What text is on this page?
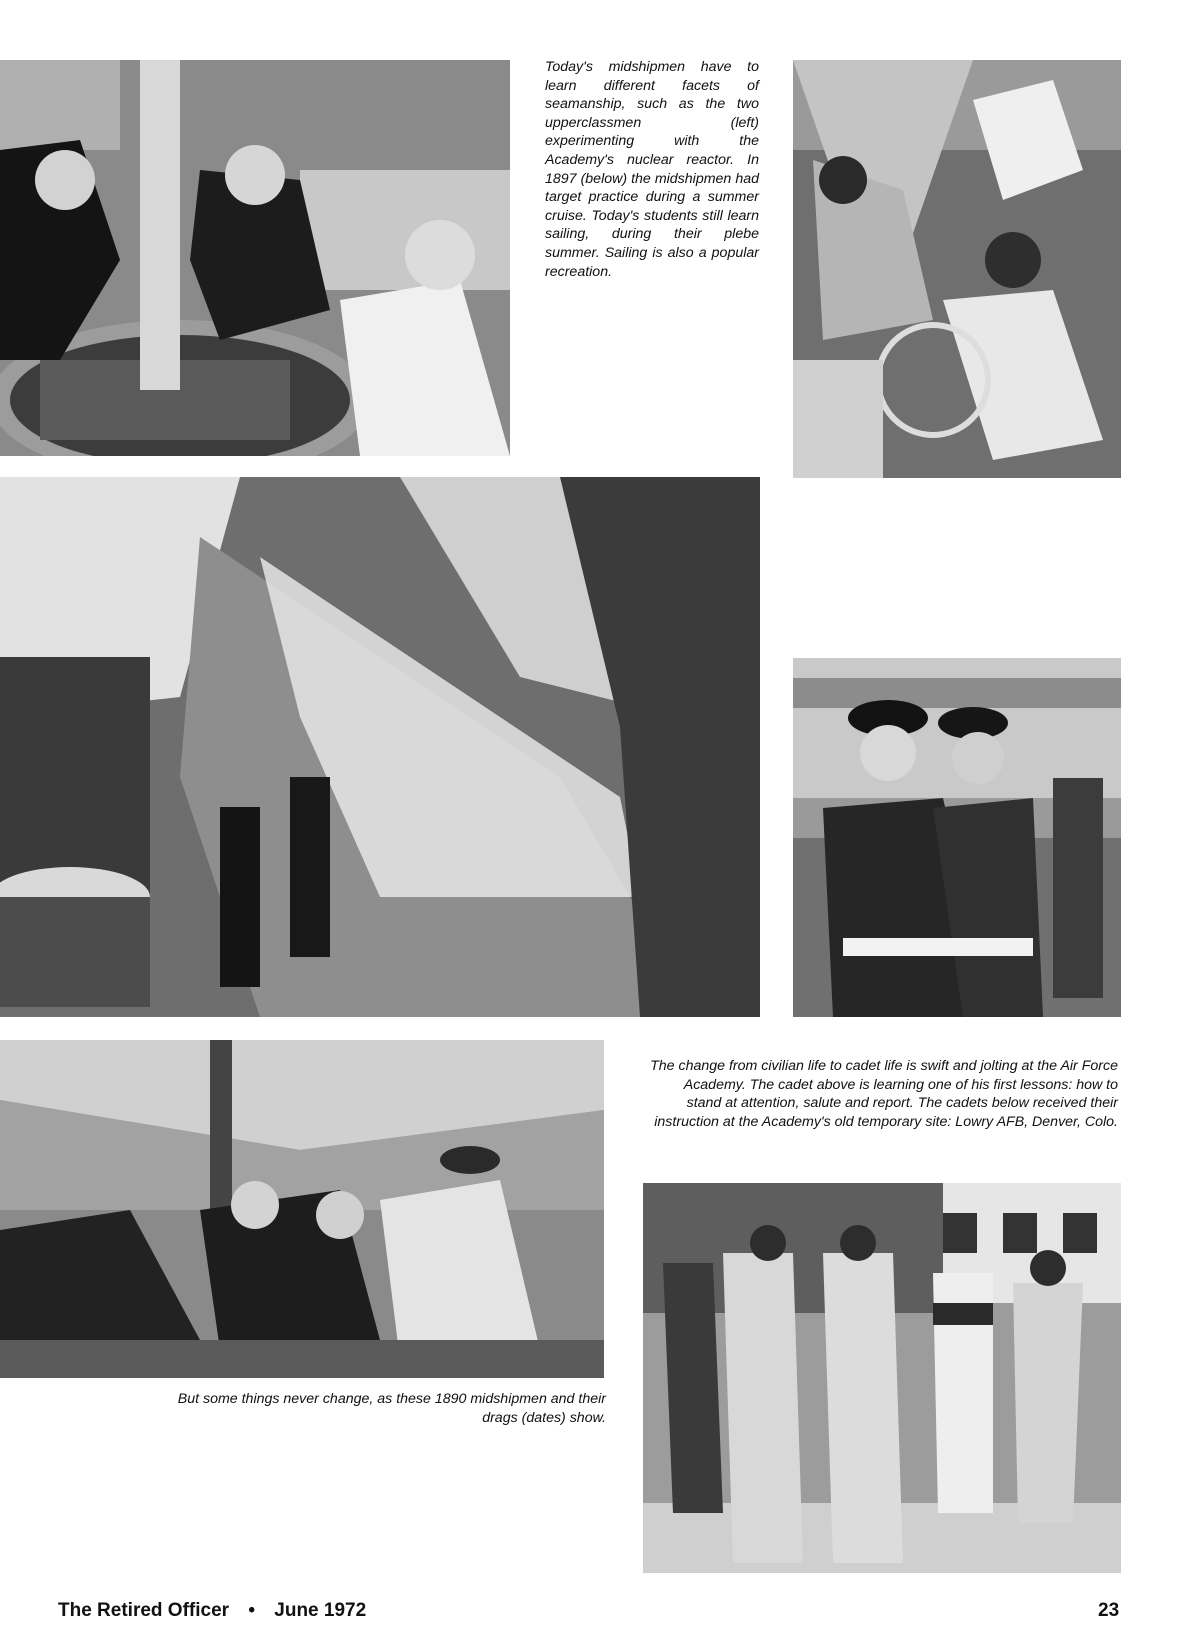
Today's midshipmen have to learn different facets of seamanship, such as the two upperclassmen (left) experimenting with the Academy's nuclear reactor. In 1897 (below) the midshipmen had target practice during a summer cruise. Today's students still learn sailing, during their plebe summer. Sailing is also a popular recreation.

But some things never change, as these 1890 midshipmen and their drags (dates) show.

The change from civilian life to cadet life is swift and jolting at the Air Force Academy. The cadet above is learning one of his first lessons: how to stand at attention, salute and report. The cadets below received their instruction at the Academy's old temporary site: Lowry AFB, Denver, Colo.

The Retired Officer • June 1972	23
